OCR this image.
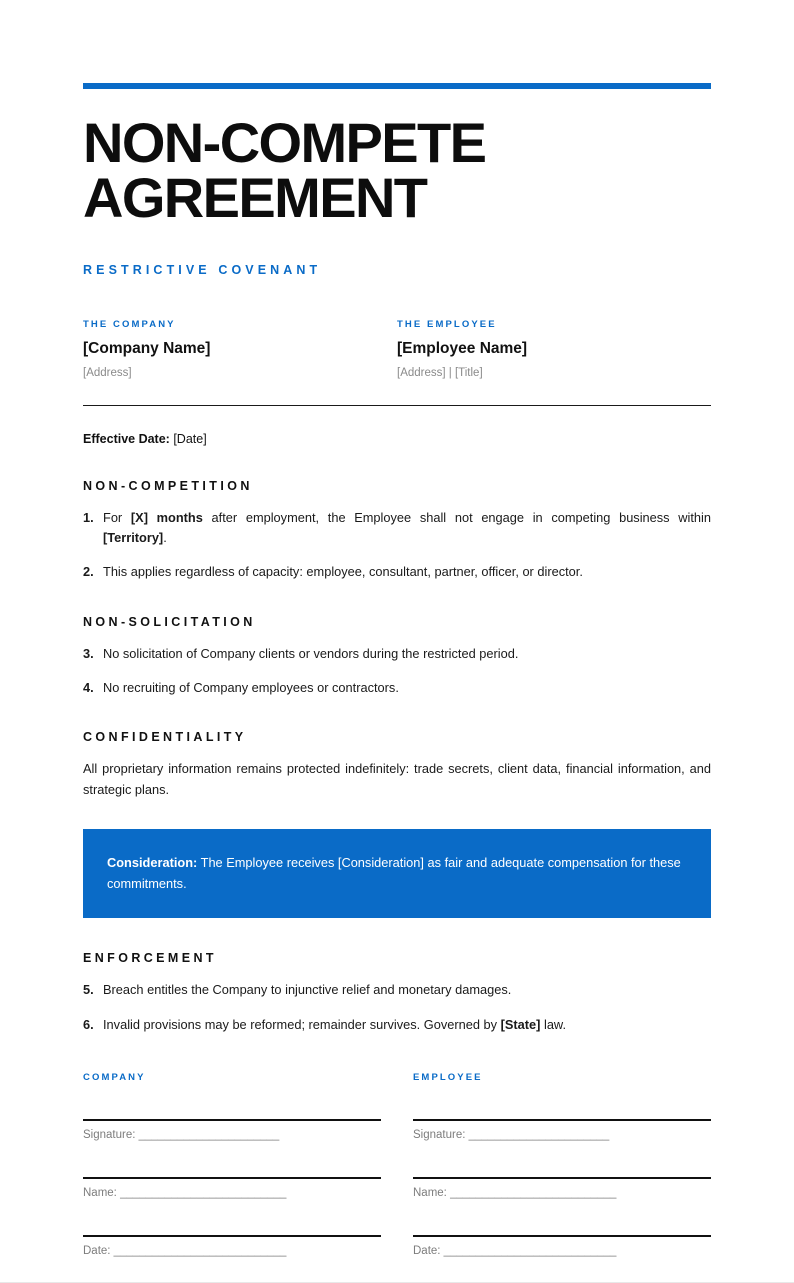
NON-COMPETE AGREEMENT
RESTRICTIVE COVENANT
THE COMPANY
[Company Name]
[Address]
THE EMPLOYEE
[Employee Name]
[Address] | [Title]
Effective Date: [Date]
NON-COMPETITION
1. For [X] months after employment, the Employee shall not engage in competing business within [Territory].
2. This applies regardless of capacity: employee, consultant, partner, officer, or director.
NON-SOLICITATION
3. No solicitation of Company clients or vendors during the restricted period.
4. No recruiting of Company employees or contractors.
CONFIDENTIALITY
All proprietary information remains protected indefinitely: trade secrets, client data, financial information, and strategic plans.
Consideration: The Employee receives [Consideration] as fair and adequate compensation for these commitments.
ENFORCEMENT
5. Breach entitles the Company to injunctive relief and monetary damages.
6. Invalid provisions may be reformed; remainder survives. Governed by [State] law.
COMPANY
Signature: ______________________
Name: __________________________
Date: ___________________________
EMPLOYEE
Signature: ______________________
Name: __________________________
Date: ___________________________
